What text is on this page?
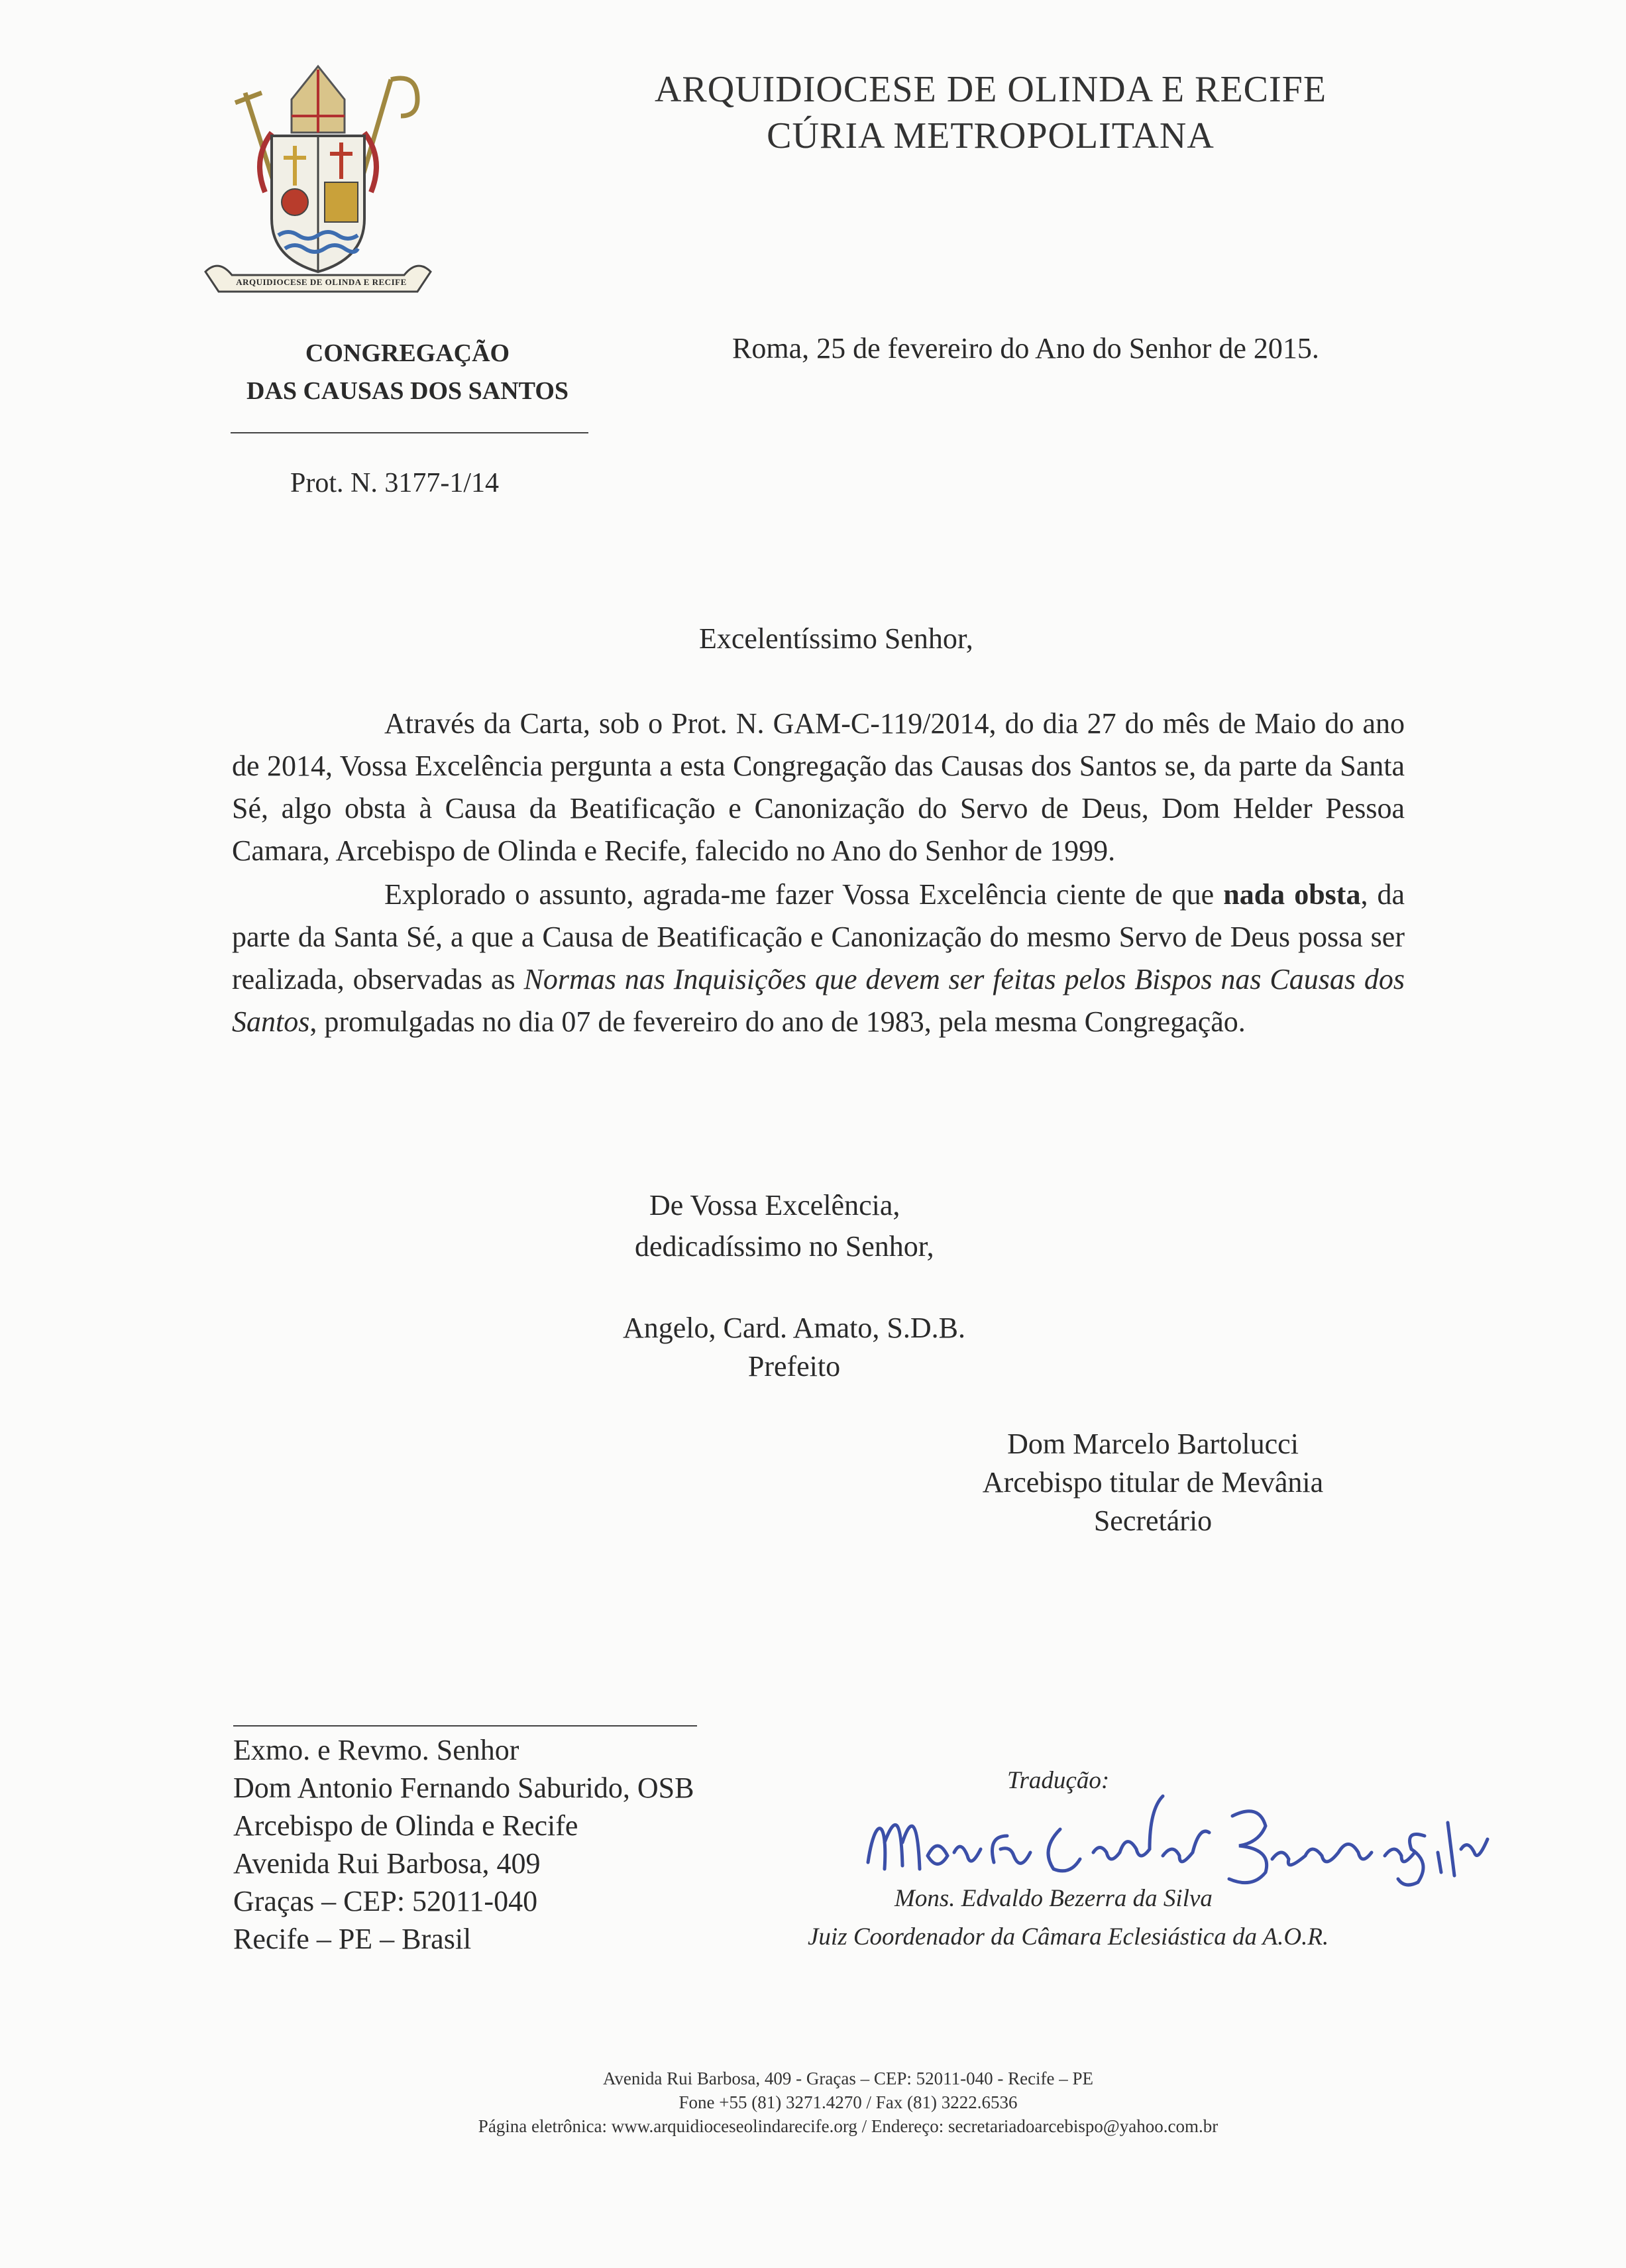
ARQUIDIOCESE DE OLINDA E RECIFE
ARQUIDIOCESE DE OLINDA E RECIFE
CÚRIA METROPOLITANA
CONGREGAÇÃO
DAS CAUSAS DOS SANTOS
Roma, 25 de fevereiro do Ano do Senhor de 2015.
Prot. N. 3177-1/14
Excelentíssimo Senhor,

Através da Carta, sob o Prot. N. GAM-C-119/2014, do dia 27 do mês de Maio do ano de 2014, Vossa Excelência pergunta a esta Congregação das Causas dos Santos se, da parte da Santa Sé, algo obsta à Causa da Beatificação e Canonização do Servo de Deus, Dom Helder Pessoa Camara, Arcebispo de Olinda e Recife, falecido no Ano do Senhor de 1999.

Explorado o assunto, agrada-me fazer Vossa Excelência ciente de que nada obsta, da parte da Santa Sé, a que a Causa de Beatificação e Canonização do mesmo Servo de Deus possa ser realizada, observadas as Normas nas Inquisições que devem ser feitas pelos Bispos nas Causas dos Santos, promulgadas no dia 07 de fevereiro do ano de 1983, pela mesma Congregação.

De Vossa Excelência,
dedicadíssimo no Senhor,
Angelo, Card. Amato, S.D.B.
Prefeito
Dom Marcelo Bartolucci
Arcebispo titular de Mevânia
Secretário
Exmo. e Revmo. Senhor
Dom Antonio Fernando Saburido, OSB
Arcebispo de Olinda e Recife
Avenida Rui Barbosa, 409
Graças – CEP: 52011-040
Recife – PE – Brasil
Tradução:
Mons. Edvaldo Bezerra da Silva
Juiz Coordenador da Câmara Eclesiástica da A.O.R.
Avenida Rui Barbosa, 409 - Graças – CEP: 52011-040 - Recife – PE
Fone +55 (81) 3271.4270 / Fax (81) 3222.6536
Página eletrônica: www.arquidioceseolindarecife.org / Endereço: secretariadoarcebispo@yahoo.com.br
